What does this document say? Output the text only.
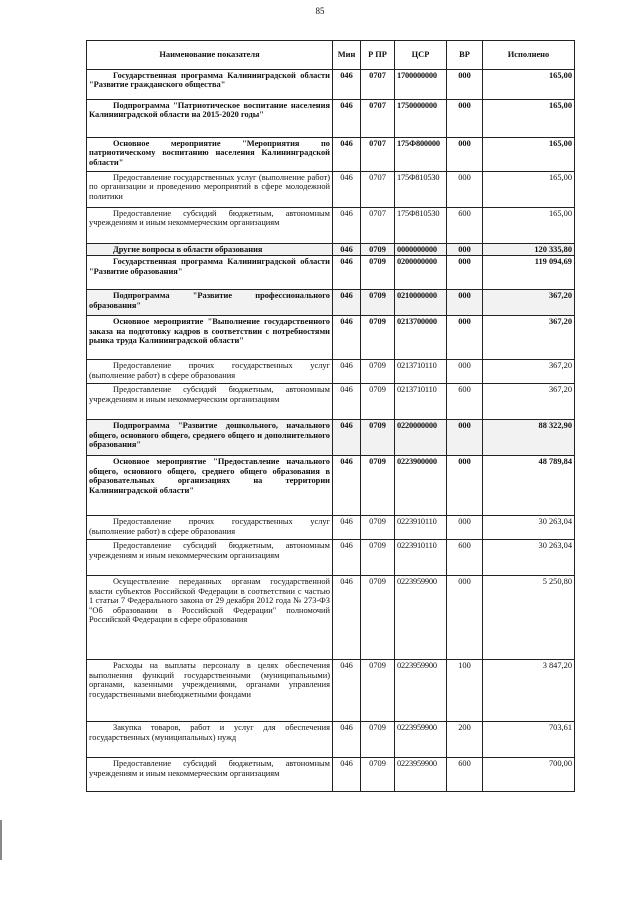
85
Наименование показателя	Мин	Р ПР	ЦСР	ВР	Исполнено
Государственная программа Калининградской области "Развитие гражданского общества"	046	0707	1700000000	000	165,00
Подпрограмма "Патриотическое воспитание населения Калининградской области на 2015-2020 годы"	046	0707	1750000000	000	165,00
Основное мероприятие "Мероприятия по патриотическому воспитанию населения Калининградской области"	046	0707	175Ф800000	000	165,00
Предоставление государственных услуг (выполнение работ) по организации и проведению мероприятий в сфере молодежной политики	046	0707	175Ф810530	000	165,00
Предоставление субсидий бюджетным, автономным учреждениям и иным некоммерческим организациям	046	0707	175Ф810530	600	165,00
Другие вопросы в области образования	046	0709	0000000000	000	120 335,80
Государственная программа Калининградской области "Развитие образования"	046	0709	0200000000	000	119 094,69
Подпрограмма "Развитие профессионального образования"	046	0709	0210000000	000	367,20
Основное мероприятие "Выполнение государственного заказа на подготовку кадров в соответствии с потребностями рынка труда Калининградской области"	046	0709	0213700000	000	367,20
Предоставление прочих государственных услуг (выполнение работ) в сфере образования	046	0709	0213710110	000	367,20
Предоставление субсидий бюджетным, автономным учреждениям и иным некоммерческим организациям	046	0709	0213710110	600	367,20
Подпрограмма "Развитие дошкольного, начального общего, основного общего, среднего общего и дополнительного образования"	046	0709	0220000000	000	88 322,90
Основное мероприятие "Предоставление начального общего, основного общего, среднего общего образования в образовательных организациях на территории Калининградской области"	046	0709	0223900000	000	48 789,84
Предоставление прочих государственных услуг (выполнение работ) в сфере образования	046	0709	0223910110	000	30 263,04
Предоставление субсидий бюджетным, автономным учреждениям и иным некоммерческим организациям	046	0709	0223910110	600	30 263,04
Осуществление переданных органам государственной власти субъектов Российской Федерации в соответствии с частью 1 статьи 7 Федерального закона от 29 декабря 2012 года № 273-ФЗ "Об образовании в Российской Федерации" полномочий Российской Федерации в сфере образования	046	0709	0223959900	000	5 250,80
Расходы на выплаты персоналу в целях обеспечения выполнения функций государственными (муниципальными) органами, казенными учреждениями, органами управления государственными внебюджетными фондами	046	0709	0223959900	100	3 847,20
Закупка товаров, работ и услуг для обеспечения государственных (муниципальных) нужд	046	0709	0223959900	200	703,61
Предоставление субсидий бюджетным, автономным учреждениям и иным некоммерческим организациям	046	0709	0223959900	600	700,00
